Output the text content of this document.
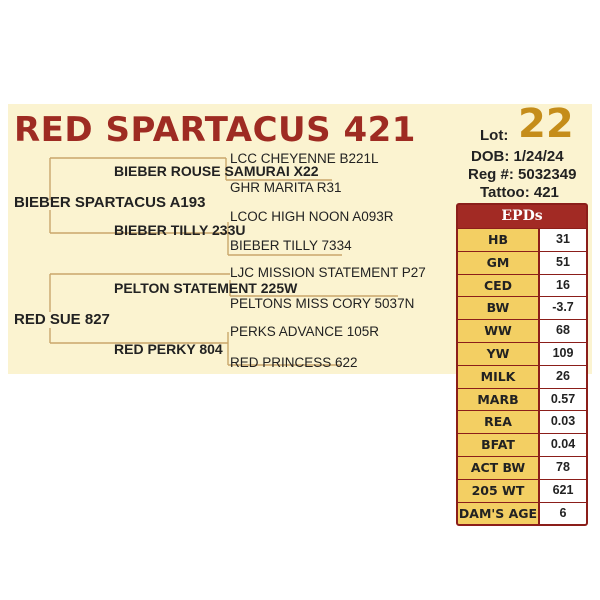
RED SPARTACUS 421
LCC CHEYENNE B221L
BIEBER ROUSE SAMURAI X22
GHR MARITA R31
BIEBER SPARTACUS A193
LCOC HIGH NOON A093R
BIEBER TILLY 233U
BIEBER TILLY 7334
LJC MISSION STATEMENT P27
PELTON STATEMENT 225W
PELTONS MISS CORY 5037N
RED SUE 827
PERKS ADVANCE 105R
RED PERKY 804
RED PRINCESS 622
Lot: 22
DOB: 1/24/24
Reg #: 5032349
Tattoo: 421
EPDs
HB	31
GM	51
CED	16
BW	-3.7
WW	68
YW	109
MILK	26
MARB	0.57
REA	0.03
BFAT	0.04
ACT BW	78
205 WT	621
DAM'S AGE	6
